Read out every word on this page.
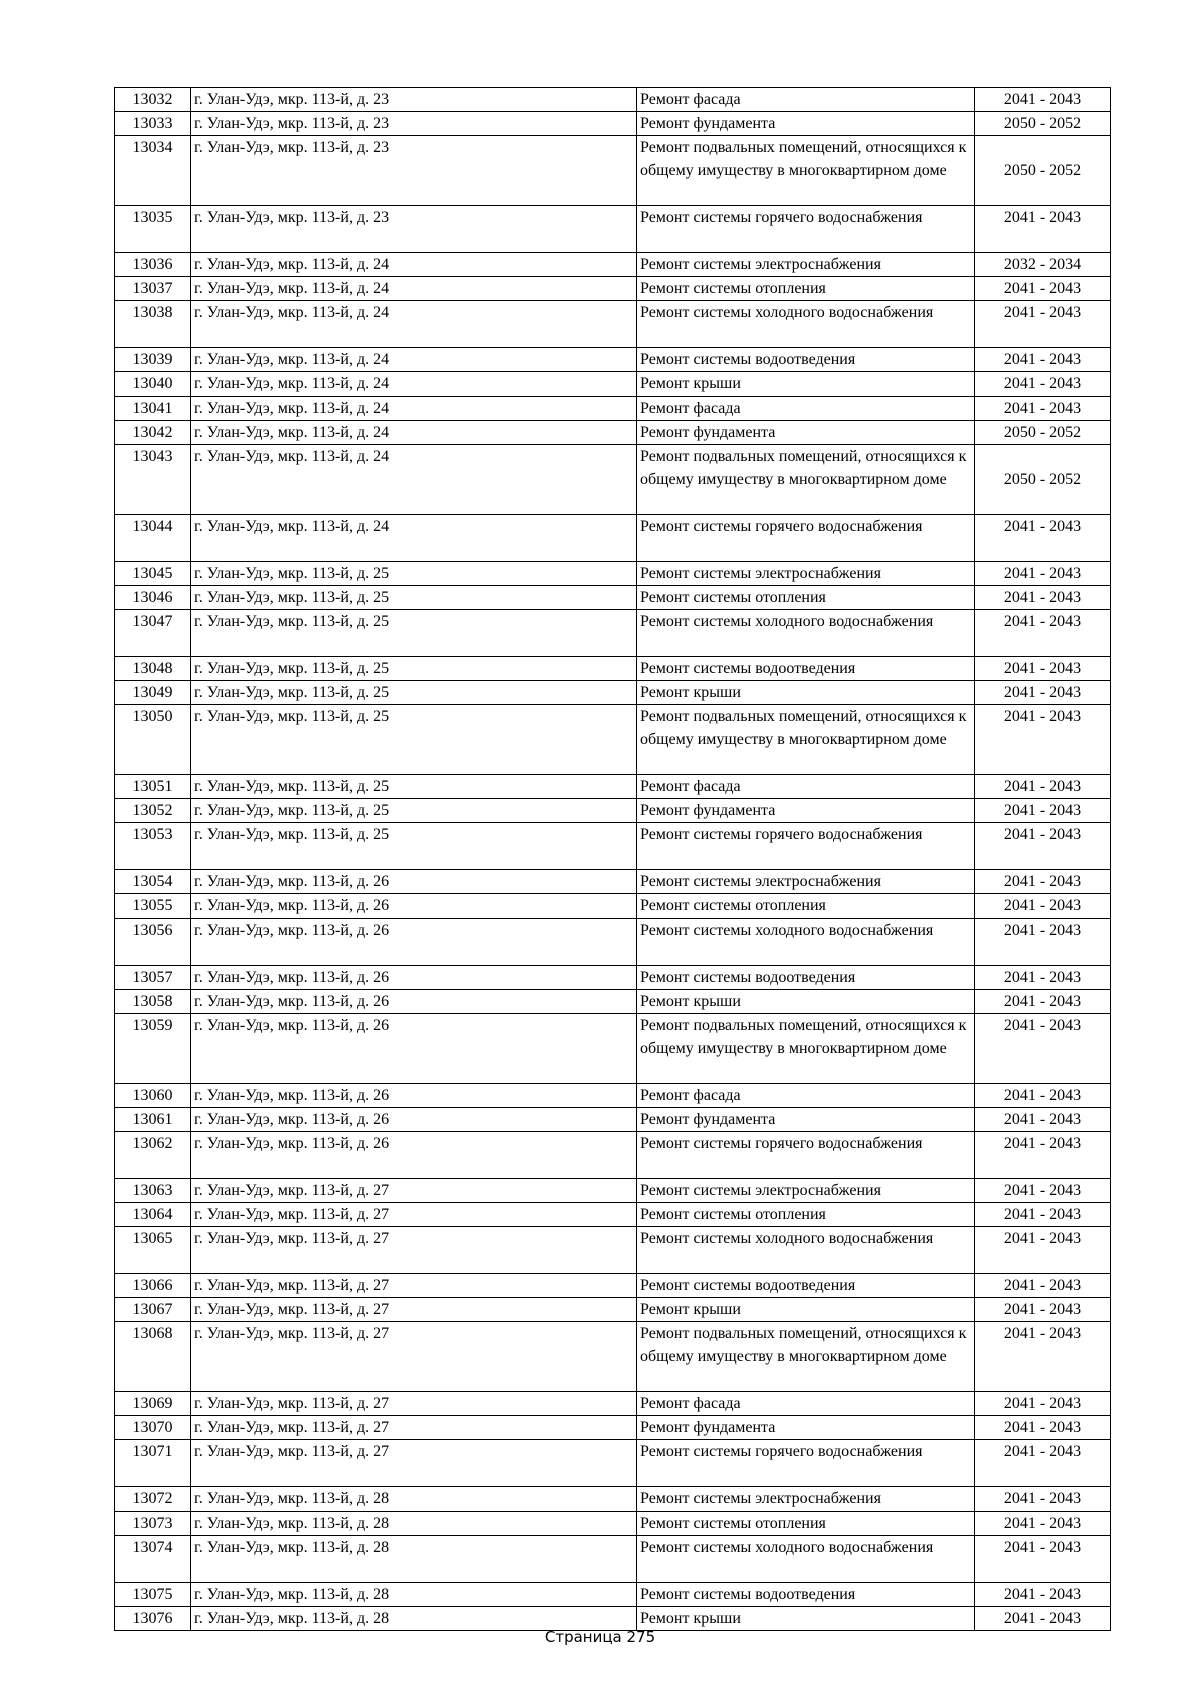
13032	г. Улан-Удэ, мкр. 113-й, д. 23	Ремонт фасада	2041 - 2043
13033	г. Улан-Удэ, мкр. 113-й, д. 23	Ремонт фундамента	2050 - 2052
13034	г. Улан-Удэ, мкр. 113-й, д. 23	Ремонт подвальных помещений, относящихся к общему имуществу в многоквартирном доме	2050 - 2052
13035	г. Улан-Удэ, мкр. 113-й, д. 23	Ремонт системы горячего водоснабжения	2041 - 2043
13036	г. Улан-Удэ, мкр. 113-й, д. 24	Ремонт системы электроснабжения	2032 - 2034
13037	г. Улан-Удэ, мкр. 113-й, д. 24	Ремонт системы отопления	2041 - 2043
13038	г. Улан-Удэ, мкр. 113-й, д. 24	Ремонт системы холодного водоснабжения	2041 - 2043
13039	г. Улан-Удэ, мкр. 113-й, д. 24	Ремонт системы водоотведения	2041 - 2043
13040	г. Улан-Удэ, мкр. 113-й, д. 24	Ремонт крыши	2041 - 2043
13041	г. Улан-Удэ, мкр. 113-й, д. 24	Ремонт фасада	2041 - 2043
13042	г. Улан-Удэ, мкр. 113-й, д. 24	Ремонт фундамента	2050 - 2052
13043	г. Улан-Удэ, мкр. 113-й, д. 24	Ремонт подвальных помещений, относящихся к общему имуществу в многоквартирном доме	2050 - 2052
13044	г. Улан-Удэ, мкр. 113-й, д. 24	Ремонт системы горячего водоснабжения	2041 - 2043
13045	г. Улан-Удэ, мкр. 113-й, д. 25	Ремонт системы электроснабжения	2041 - 2043
13046	г. Улан-Удэ, мкр. 113-й, д. 25	Ремонт системы отопления	2041 - 2043
13047	г. Улан-Удэ, мкр. 113-й, д. 25	Ремонт системы холодного водоснабжения	2041 - 2043
13048	г. Улан-Удэ, мкр. 113-й, д. 25	Ремонт системы водоотведения	2041 - 2043
13049	г. Улан-Удэ, мкр. 113-й, д. 25	Ремонт крыши	2041 - 2043
13050	г. Улан-Удэ, мкр. 113-й, д. 25	Ремонт подвальных помещений, относящихся к общему имуществу в многоквартирном доме	2041 - 2043
13051	г. Улан-Удэ, мкр. 113-й, д. 25	Ремонт фасада	2041 - 2043
13052	г. Улан-Удэ, мкр. 113-й, д. 25	Ремонт фундамента	2041 - 2043
13053	г. Улан-Удэ, мкр. 113-й, д. 25	Ремонт системы горячего водоснабжения	2041 - 2043
13054	г. Улан-Удэ, мкр. 113-й, д. 26	Ремонт системы электроснабжения	2041 - 2043
13055	г. Улан-Удэ, мкр. 113-й, д. 26	Ремонт системы отопления	2041 - 2043
13056	г. Улан-Удэ, мкр. 113-й, д. 26	Ремонт системы холодного водоснабжения	2041 - 2043
13057	г. Улан-Удэ, мкр. 113-й, д. 26	Ремонт системы водоотведения	2041 - 2043
13058	г. Улан-Удэ, мкр. 113-й, д. 26	Ремонт крыши	2041 - 2043
13059	г. Улан-Удэ, мкр. 113-й, д. 26	Ремонт подвальных помещений, относящихся к общему имуществу в многоквартирном доме	2041 - 2043
13060	г. Улан-Удэ, мкр. 113-й, д. 26	Ремонт фасада	2041 - 2043
13061	г. Улан-Удэ, мкр. 113-й, д. 26	Ремонт фундамента	2041 - 2043
13062	г. Улан-Удэ, мкр. 113-й, д. 26	Ремонт системы горячего водоснабжения	2041 - 2043
13063	г. Улан-Удэ, мкр. 113-й, д. 27	Ремонт системы электроснабжения	2041 - 2043
13064	г. Улан-Удэ, мкр. 113-й, д. 27	Ремонт системы отопления	2041 - 2043
13065	г. Улан-Удэ, мкр. 113-й, д. 27	Ремонт системы холодного водоснабжения	2041 - 2043
13066	г. Улан-Удэ, мкр. 113-й, д. 27	Ремонт системы водоотведения	2041 - 2043
13067	г. Улан-Удэ, мкр. 113-й, д. 27	Ремонт крыши	2041 - 2043
13068	г. Улан-Удэ, мкр. 113-й, д. 27	Ремонт подвальных помещений, относящихся к общему имуществу в многоквартирном доме	2041 - 2043
13069	г. Улан-Удэ, мкр. 113-й, д. 27	Ремонт фасада	2041 - 2043
13070	г. Улан-Удэ, мкр. 113-й, д. 27	Ремонт фундамента	2041 - 2043
13071	г. Улан-Удэ, мкр. 113-й, д. 27	Ремонт системы горячего водоснабжения	2041 - 2043
13072	г. Улан-Удэ, мкр. 113-й, д. 28	Ремонт системы электроснабжения	2041 - 2043
13073	г. Улан-Удэ, мкр. 113-й, д. 28	Ремонт системы отопления	2041 - 2043
13074	г. Улан-Удэ, мкр. 113-й, д. 28	Ремонт системы холодного водоснабжения	2041 - 2043
13075	г. Улан-Удэ, мкр. 113-й, д. 28	Ремонт системы водоотведения	2041 - 2043
13076	г. Улан-Удэ, мкр. 113-й, д. 28	Ремонт крыши	2041 - 2043
Страница 275
